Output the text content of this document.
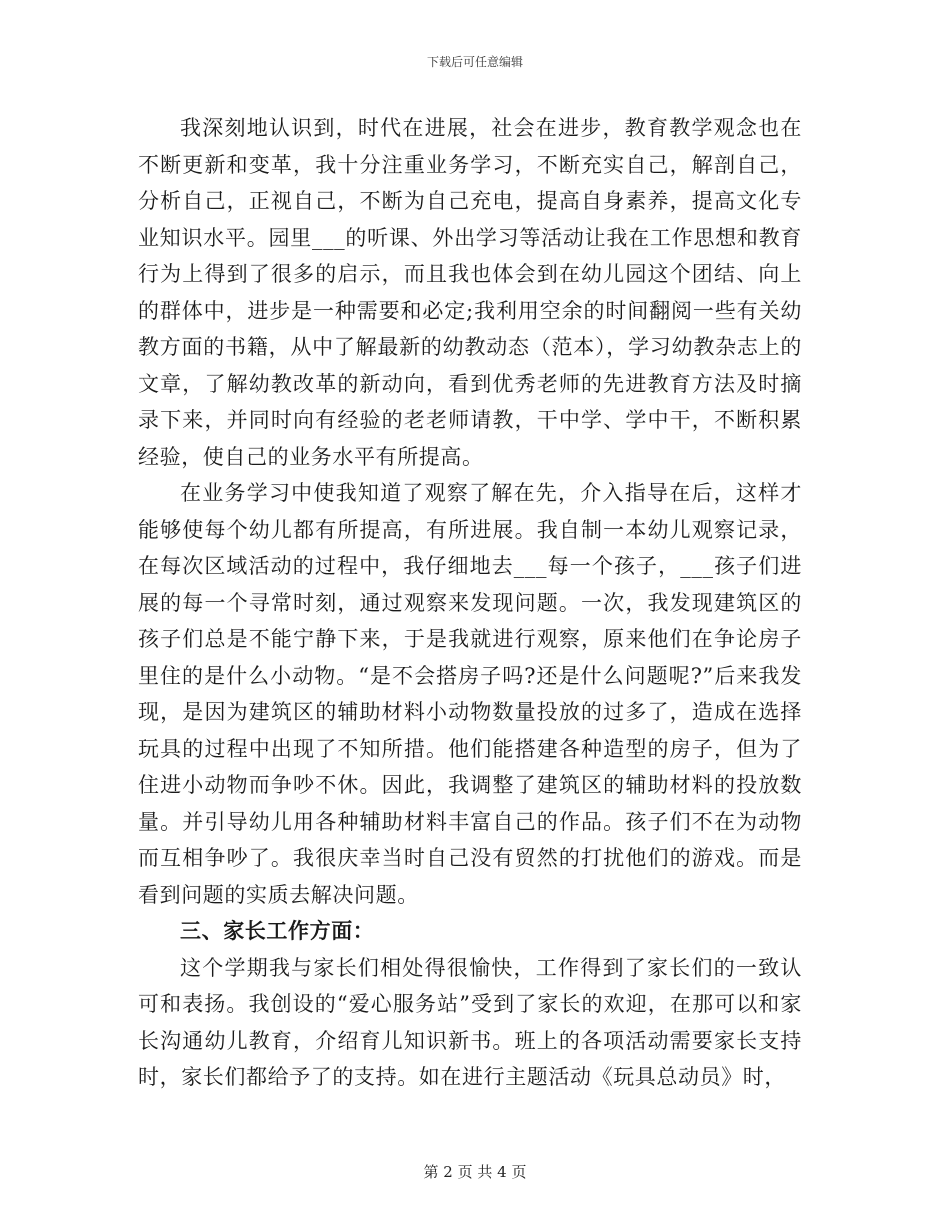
下载后可任意编辑

我深刻地认识到，时代在进展，社会在进步，教育教学观念也在不断更新和变革，我十分注重业务学习，不断充实自己，解剖自己，分析自己，正视自己，不断为自己充电，提高自身素养，提高文化专业知识水平。园里___的听课、外出学习等活动让我在工作思想和教育行为上得到了很多的启示，而且我也体会到在幼儿园这个团结、向上的群体中，进步是一种需要和必定;我利用空余的时间翻阅一些有关幼教方面的书籍，从中了解最新的幼教动态（范本），学习幼教杂志上的文章，了解幼教改革的新动向，看到优秀老师的先进教育方法及时摘录下来，并同时向有经验的老老师请教，干中学、学中干，不断积累经验，使自己的业务水平有所提高。

在业务学习中使我知道了观察了解在先，介入指导在后，这样才能够使每个幼儿都有所提高，有所进展。我自制一本幼儿观察记录，在每次区域活动的过程中，我仔细地去___每一个孩子，___孩子们进展的每一个寻常时刻，通过观察来发现问题。一次，我发现建筑区的孩子们总是不能宁静下来，于是我就进行观察，原来他们在争论房子里住的是什么小动物。“是不会搭房子吗?还是什么问题呢?”后来我发现，是因为建筑区的辅助材料小动物数量投放的过多了，造成在选择玩具的过程中出现了不知所措。他们能搭建各种造型的房子，但为了住进小动物而争吵不休。因此，我调整了建筑区的辅助材料的投放数量。并引导幼儿用各种辅助材料丰富自己的作品。孩子们不在为动物而互相争吵了。我很庆幸当时自己没有贸然的打扰他们的游戏。而是看到问题的实质去解决问题。

三、家长工作方面：

这个学期我与家长们相处得很愉快，工作得到了家长们的一致认可和表扬。我创设的“爱心服务站”受到了家长的欢迎，在那可以和家长沟通幼儿教育，介绍育儿知识新书。班上的各项活动需要家长支持时，家长们都给予了的支持。如在进行主题活动《玩具总动员》时，

第 2 页 共 4 页
